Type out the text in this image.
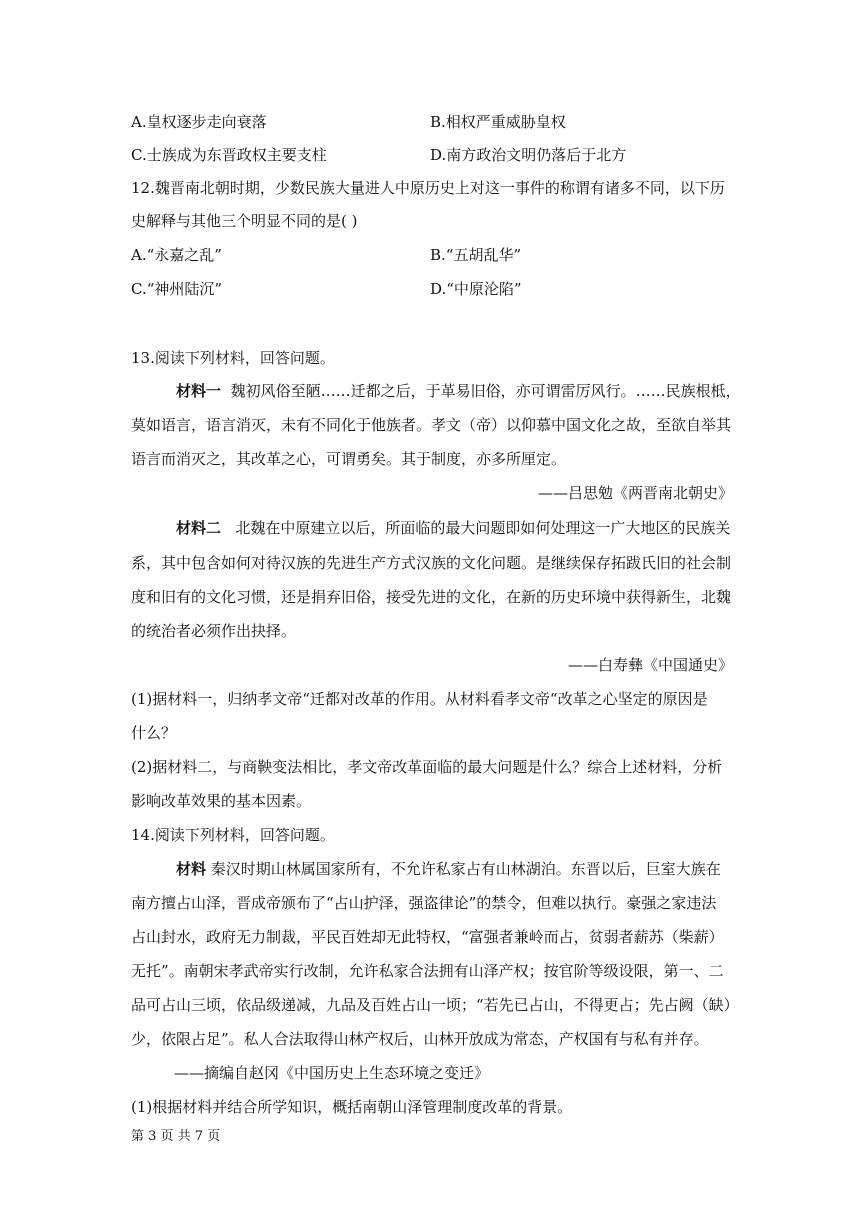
A.皇权逐步走向衰落	B.相权严重威胁皇权
C.士族成为东晋政权主要支柱	D.南方政治文明仍落后于北方
12.魏晋南北朝时期，少数民族大量进人中原历史上对这一事件的称谓有诸多不同，以下历
史解释与其他三个明显不同的是( )
A.“永嘉之乱”	B.“五胡乱华”
C.“神州陆沉”	D.“中原沦陷”
13.阅读下列材料，回答问题。
材料一 魏初风俗至陋……迁都之后，于革易旧俗，亦可谓雷厉风行。……民族根柢，
莫如语言，语言消灭，未有不同化于他族者。孝文（帝）以仰慕中国文化之故，至欲自举其
语言而消灭之，其改革之心，可谓勇矣。其于制度，亦多所厘定。
——吕思勉《两晋南北朝史》
材料二 北魏在中原建立以后，所面临的最大问题即如何处理这一广大地区的民族关
系，其中包含如何对待汉族的先进生产方式汉族的文化问题。是继续保存拓跋氏旧的社会制
度和旧有的文化习惯，还是捐弃旧俗，接受先进的文化，在新的历史环境中获得新生，北魏
的统治者必须作出抉择。
——白寿彝《中国通史》
(1)据材料一，归纳孝文帝“迁都对改革的作用。从材料看孝文帝“改革之心坚定的原因是
什么？
(2)据材料二，与商鞅变法相比，孝文帝改革面临的最大问题是什么？综合上述材料，分析
影响改革效果的基本因素。
14.阅读下列材料，回答问题。
材料 秦汉时期山林属国家所有，不允许私家占有山林湖泊。东晋以后，巨室大族在
南方擅占山泽，晋成帝颁布了“占山护泽，强盗律论”的禁令，但难以执行。豪强之家违法
占山封水，政府无力制裁，平民百姓却无此特权，“富强者兼岭而占，贫弱者薪苏（柴薪）
无托”。南朝宋孝武帝实行改制，允许私家合法拥有山泽产权；按官阶等级设限，第一、二
品可占山三顷，依品级递减，九品及百姓占山一顷；“若先已占山，不得更占；先占阙（缺）
少，依限占足”。私人合法取得山林产权后，山林开放成为常态，产权国有与私有并存。
——摘编自赵冈《中国历史上生态环境之变迁》
(1)根据材料并结合所学知识，概括南朝山泽管理制度改革的背景。
第 3 页 共 7 页
